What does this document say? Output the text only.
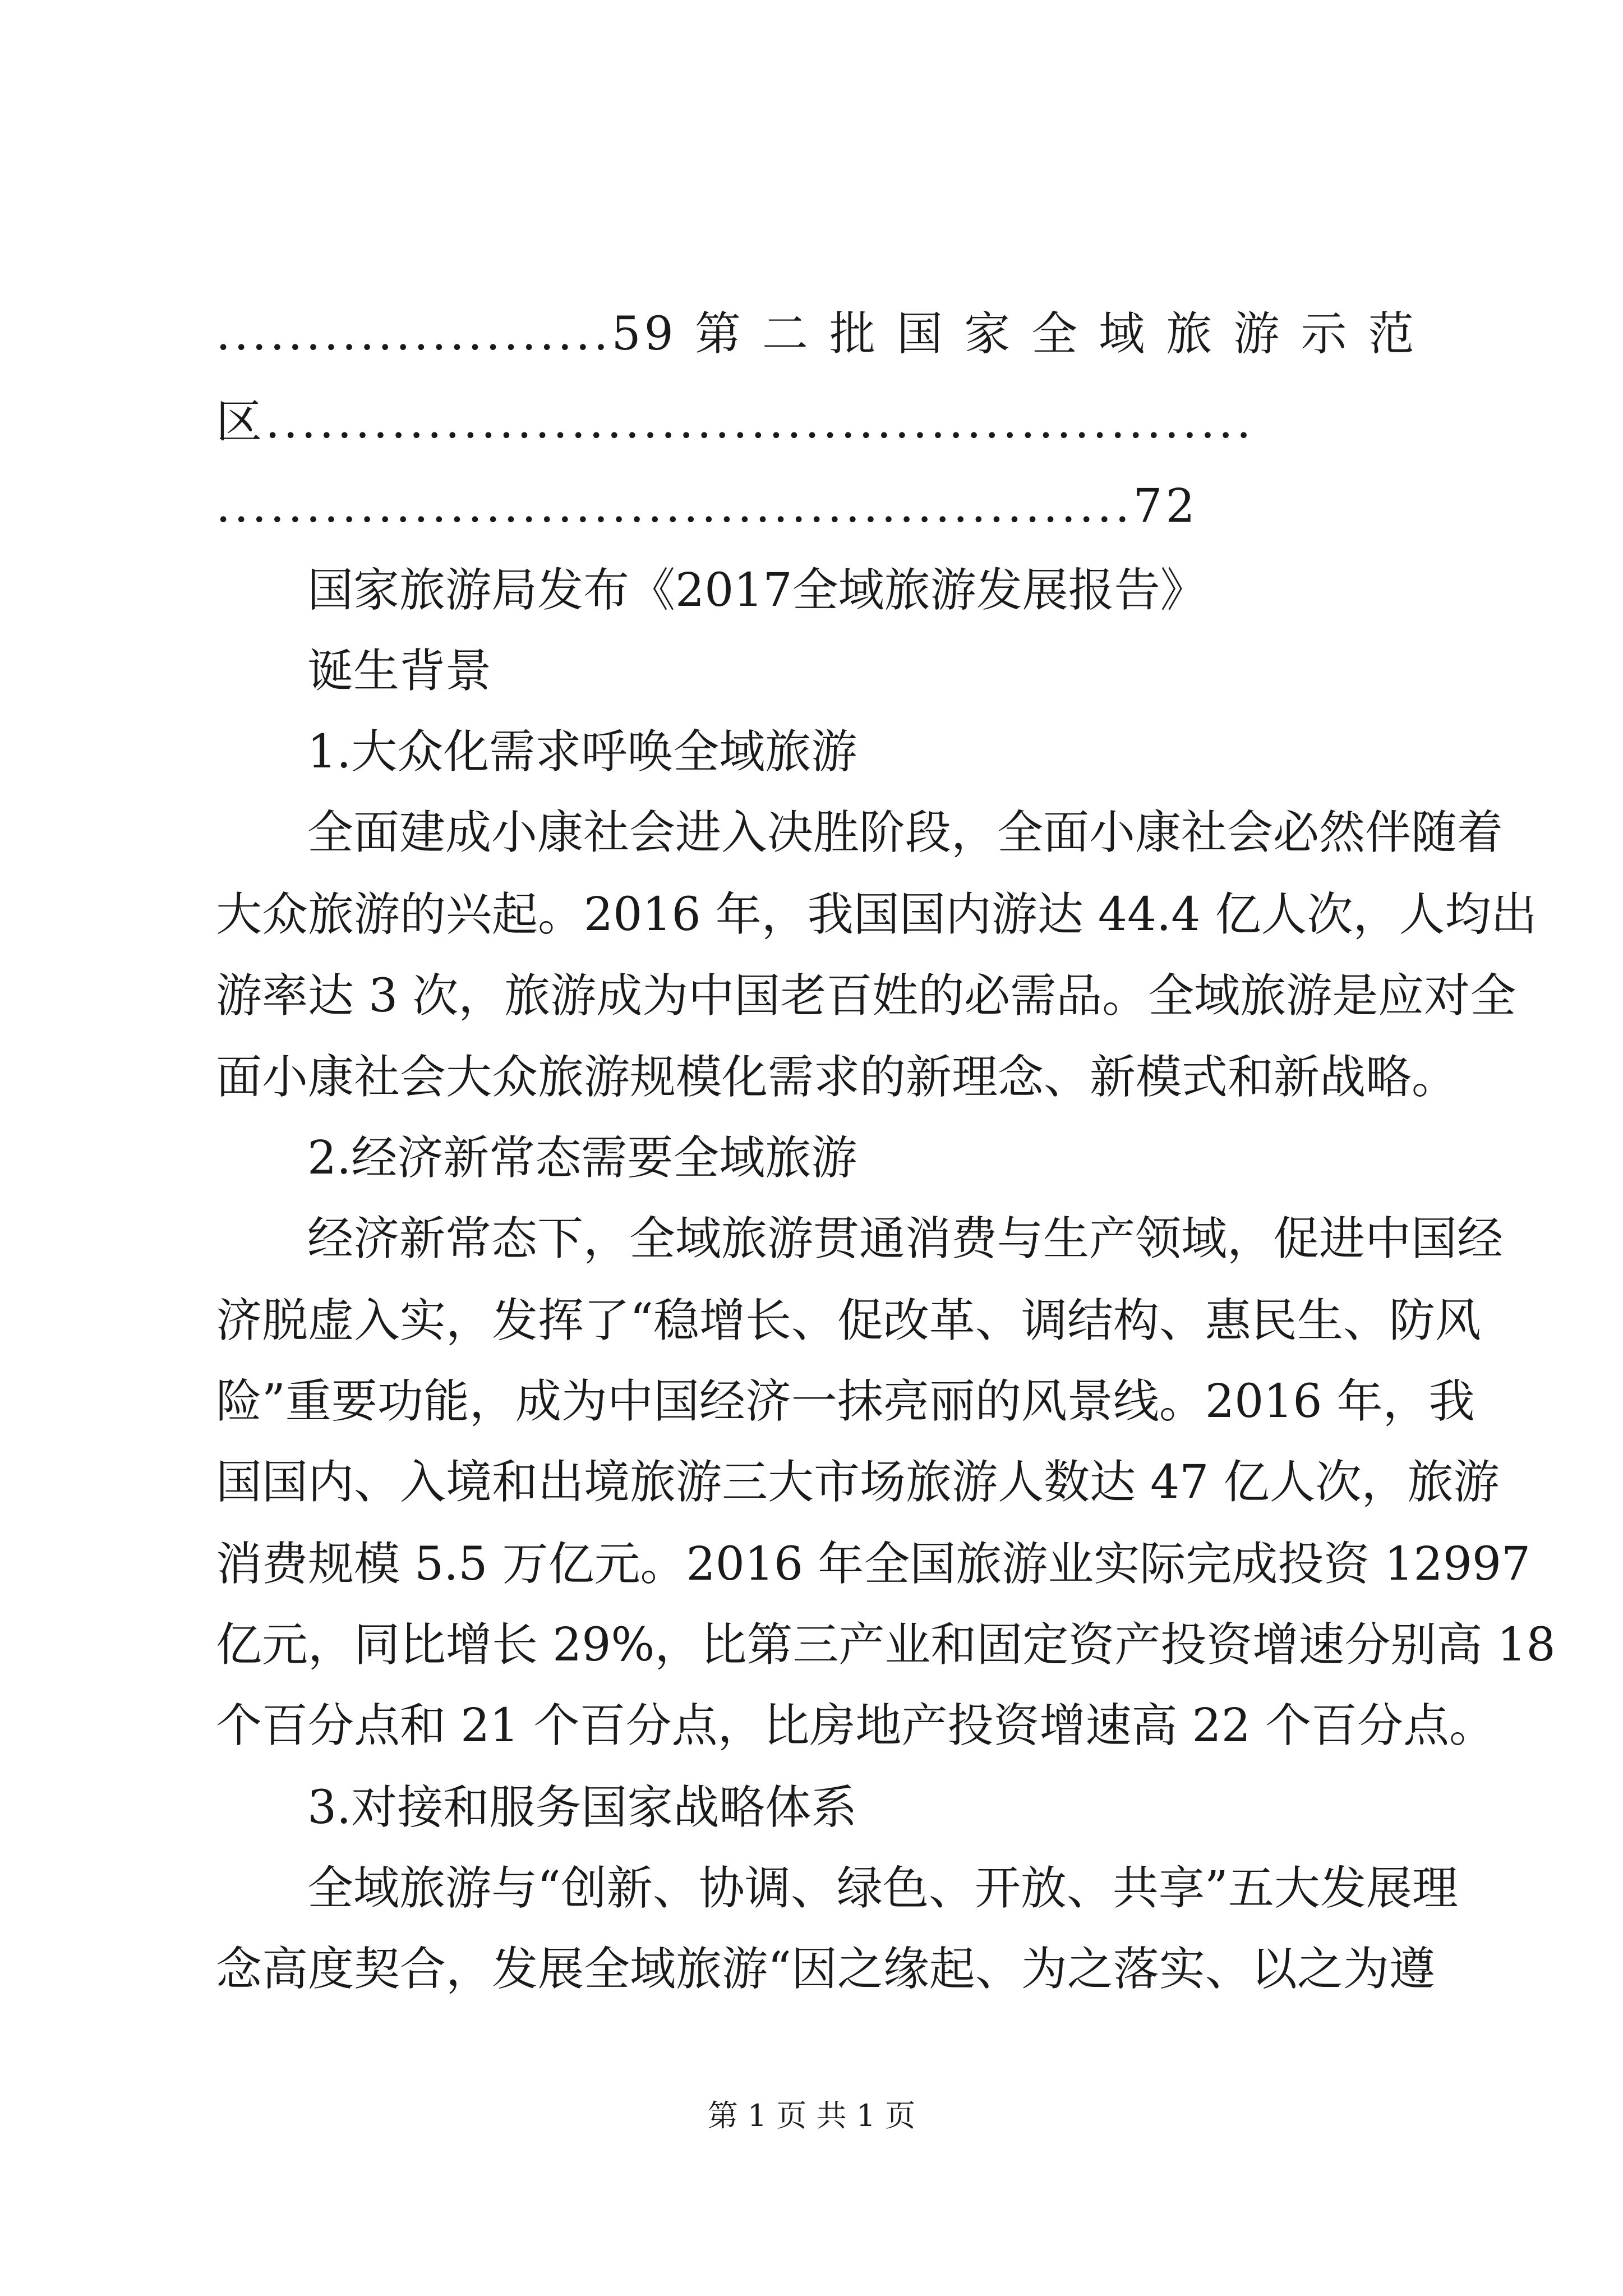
......................59 第 二 批 国 家 全 域 旅 游 示 范
区.......................................................
...................................................72
国家旅游局发布《2017全域旅游发展报告》
诞生背景
1.大众化需求呼唤全域旅游
全面建成小康社会进入决胜阶段，全面小康社会必然伴随着
大众旅游的兴起。2016 年，我国国内游达 44.4 亿人次，人均出
游率达 3 次，旅游成为中国老百姓的必需品。全域旅游是应对全
面小康社会大众旅游规模化需求的新理念、新模式和新战略。
2.经济新常态需要全域旅游
经济新常态下，全域旅游贯通消费与生产领域，促进中国经
济脱虚入实，发挥了“稳增长、促改革、调结构、惠民生、防风
险”重要功能，成为中国经济一抹亮丽的风景线。2016 年，我
国国内、入境和出境旅游三大市场旅游人数达 47 亿人次，旅游
消费规模 5.5 万亿元。2016 年全国旅游业实际完成投资 12997
亿元，同比增长 29%，比第三产业和固定资产投资增速分别高 18
个百分点和 21 个百分点，比房地产投资增速高 22 个百分点。
3.对接和服务国家战略体系
全域旅游与“创新、协调、绿色、开放、共享”五大发展理
念高度契合，发展全域旅游“因之缘起、为之落实、以之为遵
第 1 页 共 1 页
